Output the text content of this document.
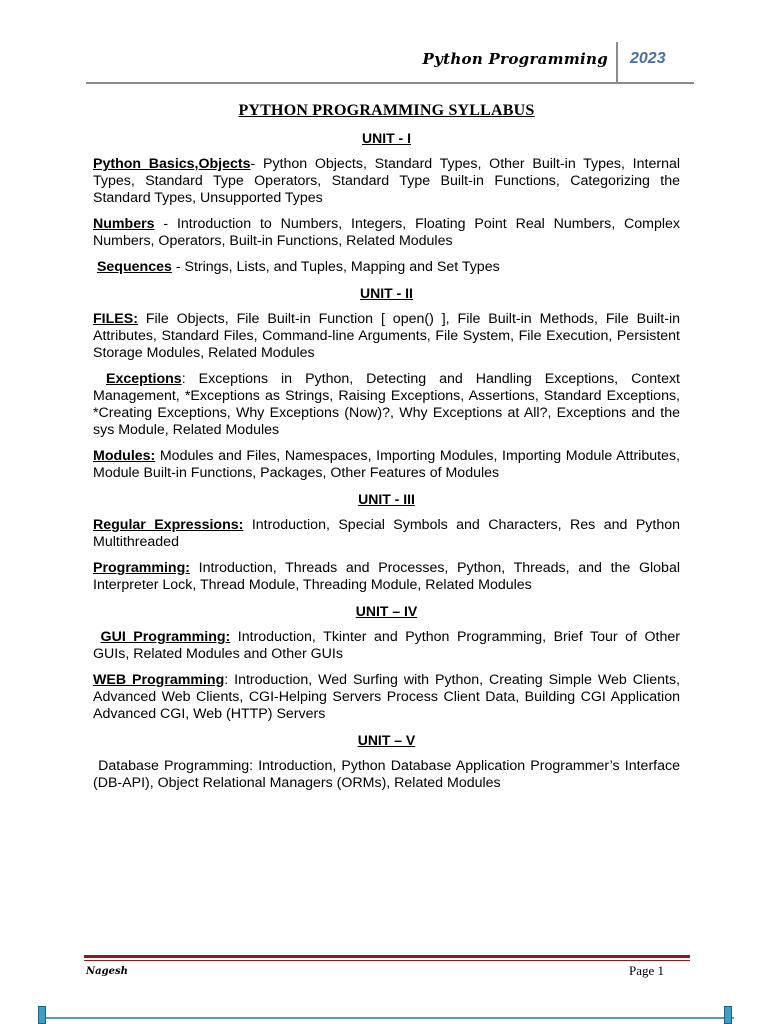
Python Programming 2023
PYTHON PROGRAMMING SYLLABUS
UNIT - I

Python Basics,Objects- Python Objects, Standard Types, Other Built-in Types, Internal Types, Standard Type Operators, Standard Type Built-in Functions, Categorizing the Standard Types, Unsupported Types

Numbers - Introduction to Numbers, Integers, Floating Point Real Numbers, Complex Numbers, Operators, Built-in Functions, Related Modules

Sequences - Strings, Lists, and Tuples, Mapping and Set Types

UNIT - II

FILES: File Objects, File Built-in Function [ open() ], File Built-in Methods, File Built-in Attributes, Standard Files, Command-line Arguments, File System, File Execution, Persistent Storage Modules, Related Modules

Exceptions: Exceptions in Python, Detecting and Handling Exceptions, Context Management, *Exceptions as Strings, Raising Exceptions, Assertions, Standard Exceptions, *Creating Exceptions, Why Exceptions (Now)?, Why Exceptions at All?, Exceptions and the sys Module, Related Modules

Modules: Modules and Files, Namespaces, Importing Modules, Importing Module Attributes, Module Built-in Functions, Packages, Other Features of Modules

UNIT - III

Regular Expressions: Introduction, Special Symbols and Characters, Res and Python Multithreaded

Programming: Introduction, Threads and Processes, Python, Threads, and the Global Interpreter Lock, Thread Module, Threading Module, Related Modules

UNIT – IV

GUI Programming: Introduction, Tkinter and Python Programming, Brief Tour of Other GUIs, Related Modules and Other GUIs

WEB Programming: Introduction, Wed Surfing with Python, Creating Simple Web Clients, Advanced Web Clients, CGI-Helping Servers Process Client Data, Building CGI Application Advanced CGI, Web (HTTP) Servers

UNIT – V

Database Programming: Introduction, Python Database Application Programmer’s Interface (DB-API), Object Relational Managers (ORMs), Related Modules

Nagesh	Page 1
